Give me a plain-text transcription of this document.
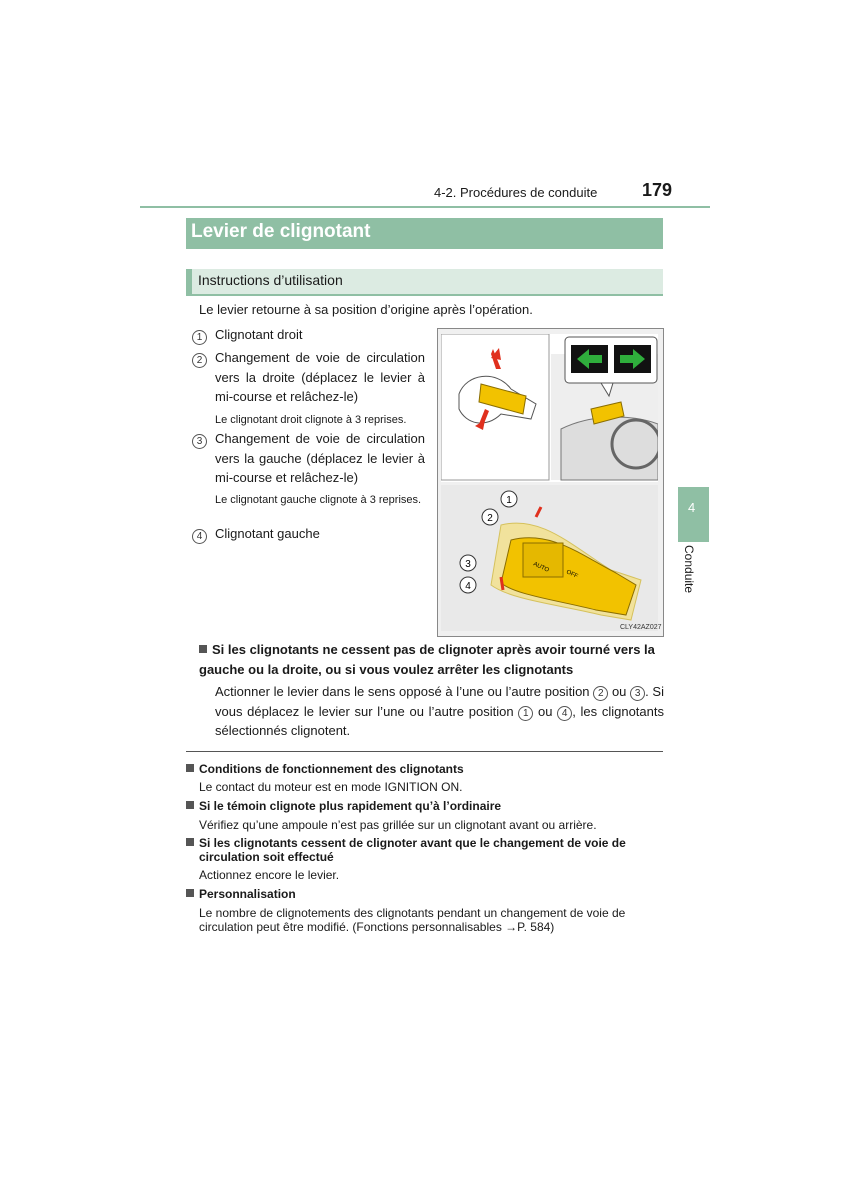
4-2. Procédures de conduite 179
Levier de clignotant
Instructions d’utilisation
Le levier retourne à sa position d’origine après l’opération.
1 Clignotant droit
2 Changement de voie de circulation vers la droite (déplacez le levier à mi-course et relâchez-le)
Le clignotant droit clignote à 3 reprises.
3 Changement de voie de circulation vers la gauche (déplacez le levier à mi-course et relâchez-le)
Le clignotant gauche clignote à 3 reprises.
4 Clignotant gauche
1
2
3
4
OFF
AUTO
CLY42AZ027
4
Conduite
Si les clignotants ne cessent pas de clignoter après avoir tourné vers la gauche ou la droite, ou si vous voulez arrêter les clignotants
Actionner le levier dans le sens opposé à l’une ou l’autre position 2 ou 3 . Si vous déplacez le levier sur l’une ou l’autre position 1 ou 4 , les clignotants sélectionnés clignotent.
Conditions de fonctionnement des clignotants
Le contact du moteur est en mode IGNITION ON.
Si le témoin clignote plus rapidement qu’à l’ordinaire
Vérifiez qu’une ampoule n’est pas grillée sur un clignotant avant ou arrière.
Si les clignotants cessent de clignoter avant que le changement de voie de circulation soit effectué
Actionnez encore le levier.
Personnalisation
Le nombre de clignotements des clignotants pendant un changement de voie de circulation peut être modifié. (Fonctions personnalisables →P. 584)
